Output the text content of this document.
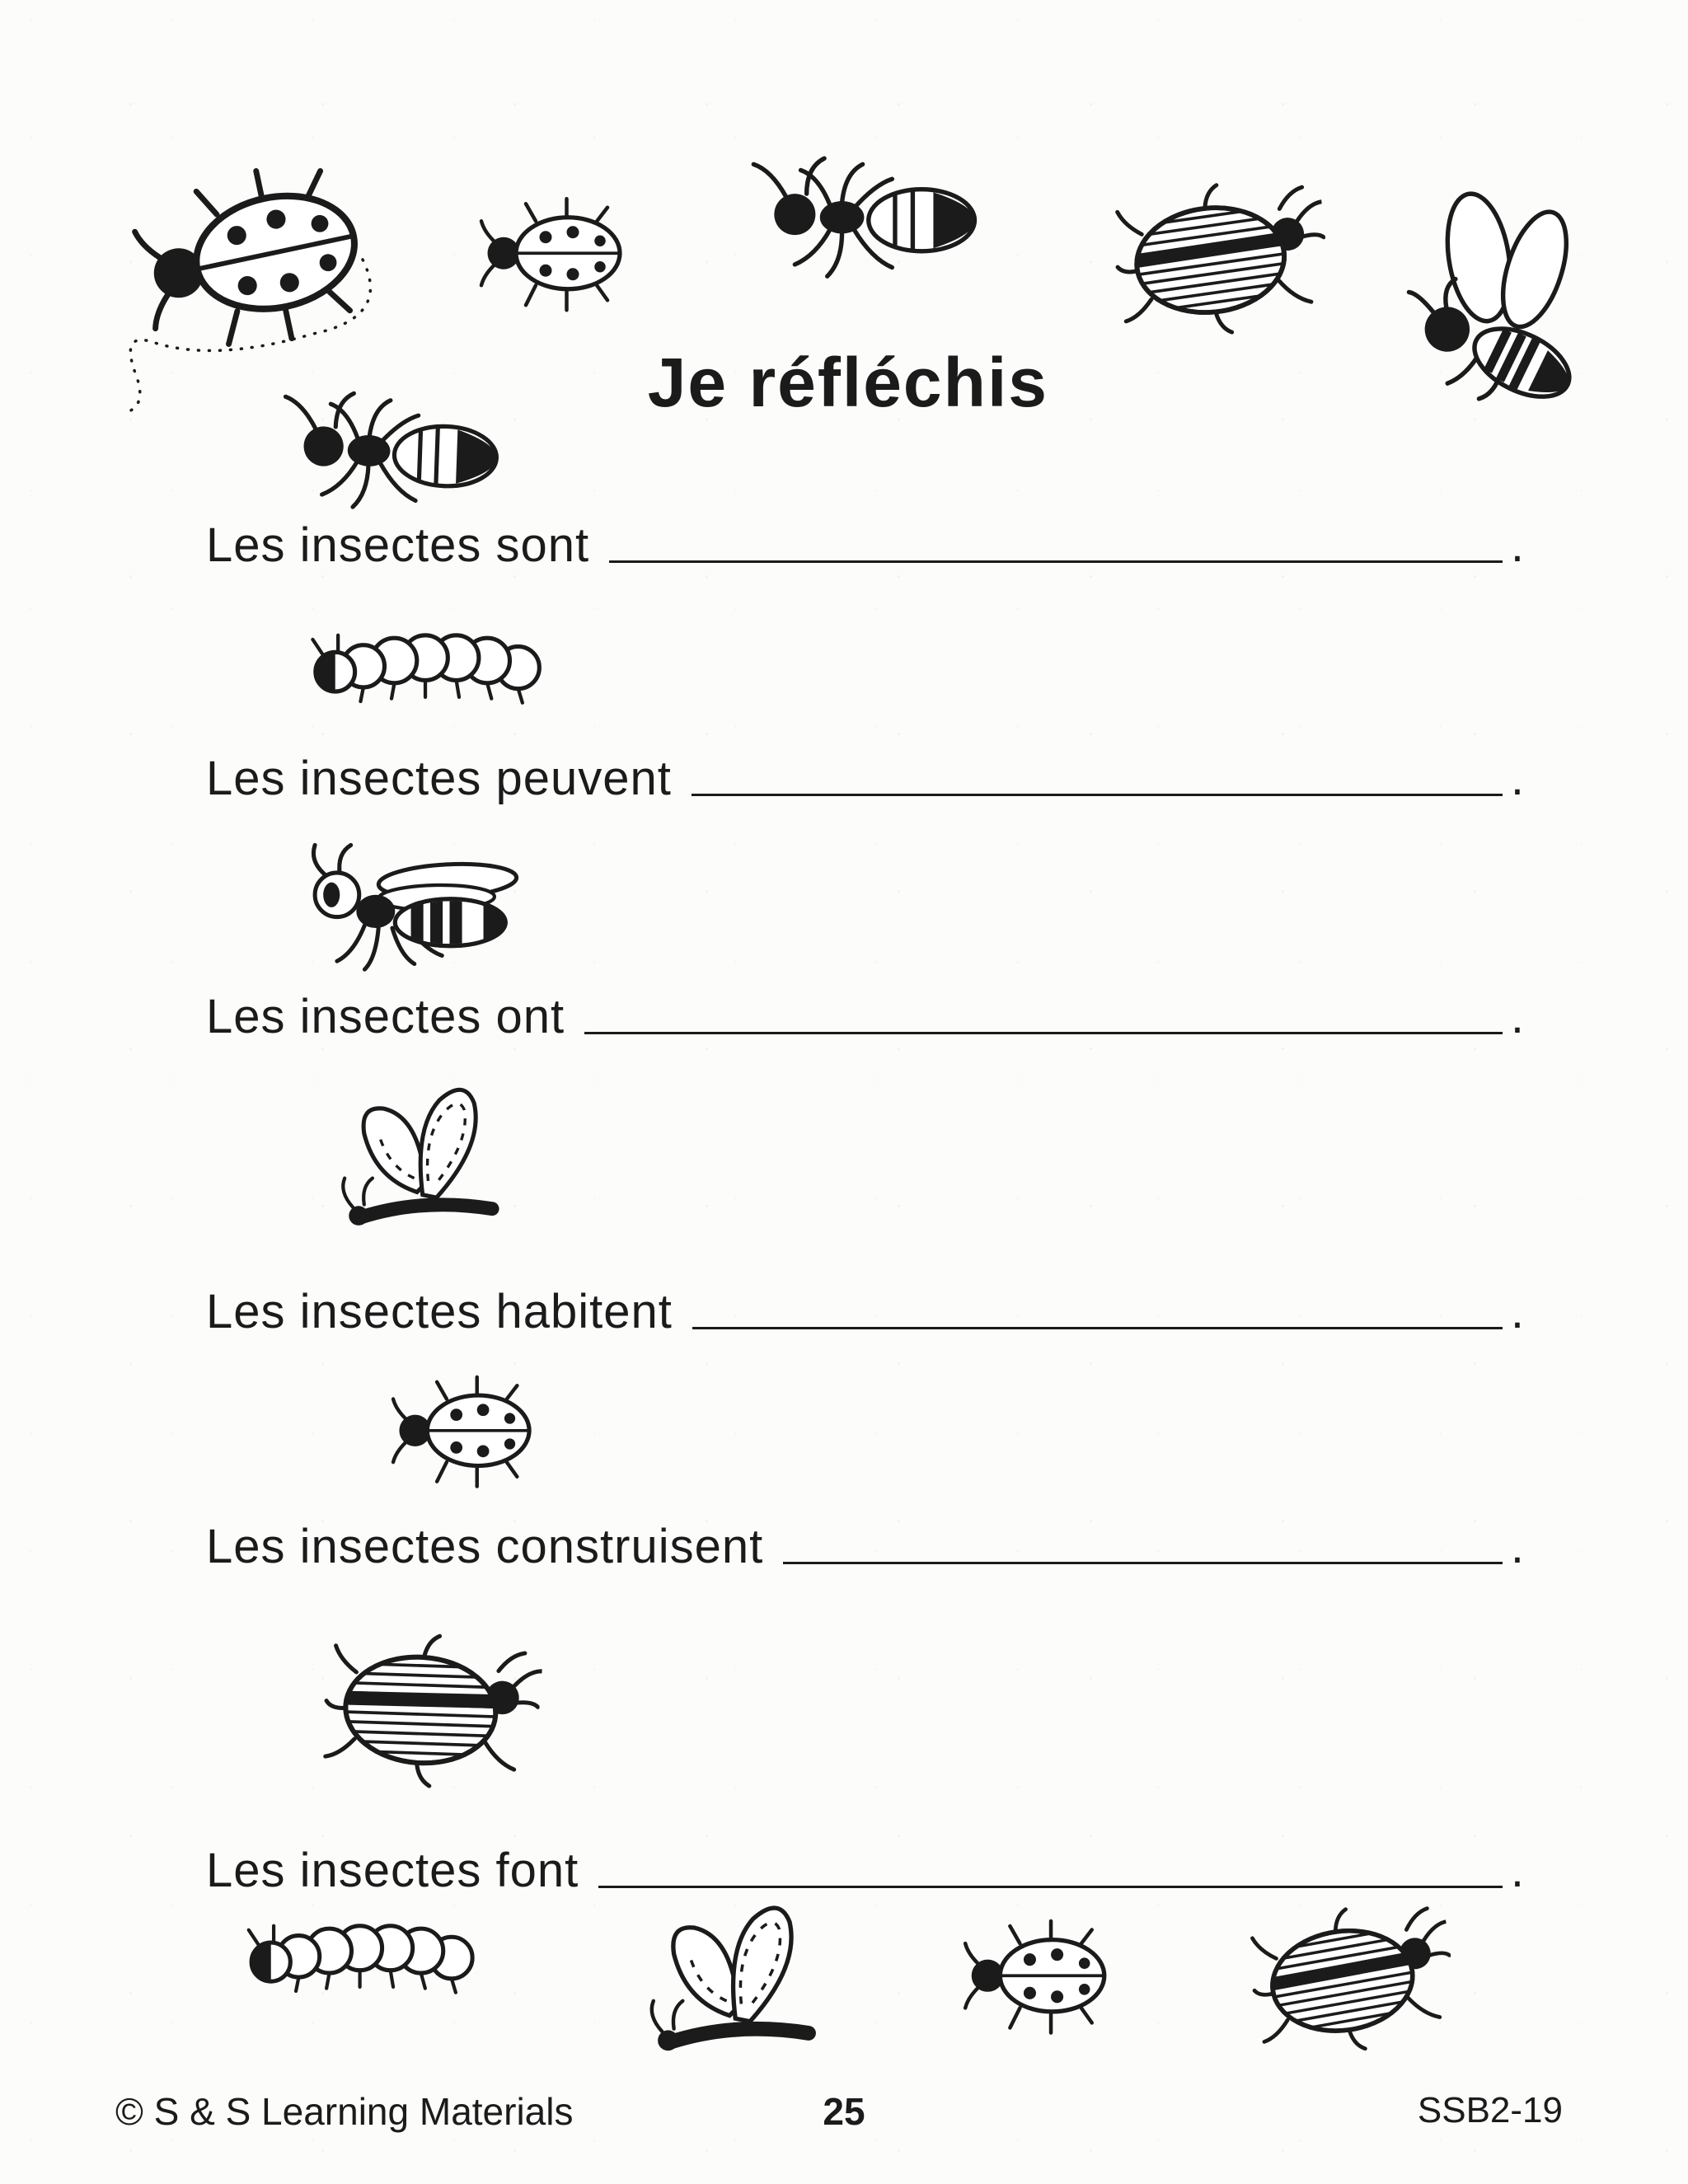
Je réfléchis
Les insectes sont	.
Les insectes peuvent	.
Les insectes ont	.
Les insectes habitent	.
Les insectes construisent	.
Les insectes font	.
© S & S Learning Materials	25	SSB2-19
